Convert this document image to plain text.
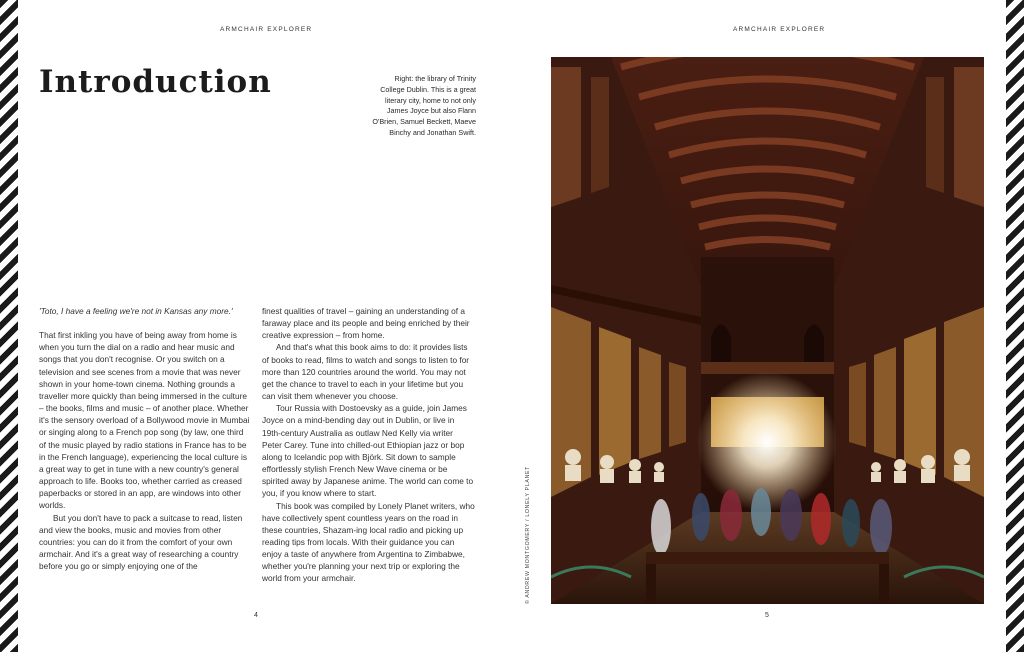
ARMCHAIR EXPLORER	ARMCHAIR EXPLORER
Introduction	Right: the library of Trinity College Dublin. This is a great literary city, home to not only James Joyce but also Flann O'Brien, Samuel Beckett, Maeve Binchy and Jonathan Swift.

'Toto, I have a feeling we're not in Kansas any more.'

That first inkling you have of being away from home is when you turn the dial on a radio and hear music and songs that you don't recognise. Or you switch on a television and see scenes from a movie that was never shown in your home-town cinema. Nothing grounds a traveller more quickly than being immersed in the culture – the books, films and music – of another place. Whether it's the sensory overload of a Bollywood movie in Mumbai or singing along to a French pop song (by law, one third of the music played by radio stations in France has to be in the French language), experiencing the local culture is a great way to get in tune with a new country's general approach to life. Books too, whether carried as creased paperbacks or stored in an app, are windows into other worlds.

But you don't have to pack a suitcase to read, listen and view the books, music and movies from other countries: you can do it from the comfort of your own armchair. And it's a great way of researching a country before you go or simply enjoying one of the

finest qualities of travel – gaining an understanding of a faraway place and its people and being enriched by their creative expression – from home.

And that's what this book aims to do: it provides lists of books to read, films to watch and songs to listen to for more than 120 countries around the world. You may not get the chance to travel to each in your lifetime but you can visit them whenever you choose.

Tour Russia with Dostoevsky as a guide, join James Joyce on a mind-bending day out in Dublin, or live in 19th-century Australia as outlaw Ned Kelly via writer Peter Carey. Tune into chilled-out Ethiopian jazz or bop along to Icelandic pop with Björk. Sit down to sample effortlessly stylish French New Wave cinema or be spirited away by Japanese anime. The world can come to you, if you know where to start.

This book was compiled by Lonely Planet writers, who have collectively spent countless years on the road in these countries, Shazam-ing local radio and picking up reading tips from locals. With their guidance you can enjoy a taste of anywhere from Argentina to Zimbabwe, whether you're planning your next trip or exploring the world from your armchair.

4	5
© ANDREW MONTGOMERY / LONELY PLANET
